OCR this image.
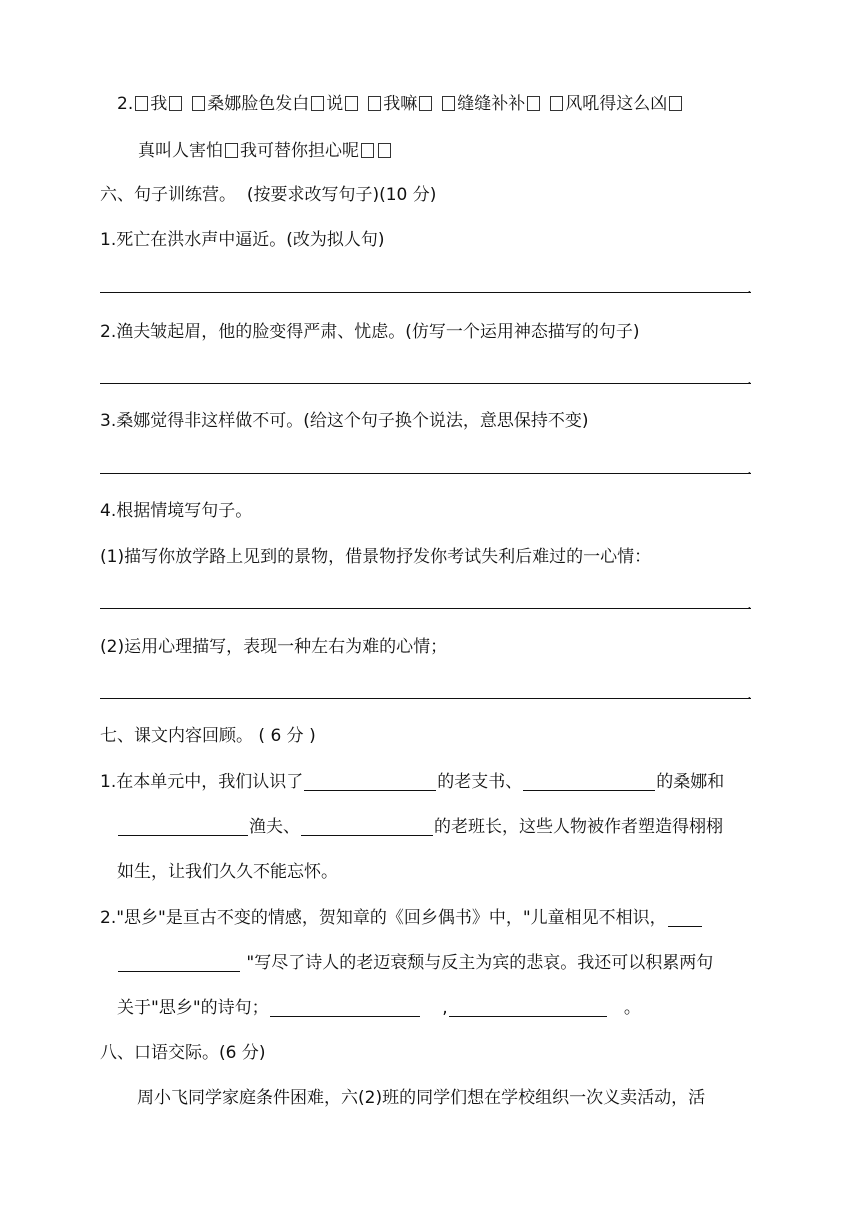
2. 我 桑娜脸色发白 说 我嘛 缝缝补补 风吼得这么凶
真叫人害怕 我可替你担心呢
六、句子训练营。 (按要求改写句子)(10 分)
1.死亡在洪水声中逼近。(改为拟人句)
.
2.渔夫皱起眉，他的脸变得严肃、忧虑。(仿写一个运用神态描写的句子)
.
3.桑娜觉得非这样做不可。(给这个句子换个说法，意思保持不变)
.
4.根据情境写句子。
(1)描写你放学路上见到的景物，借景物抒发你考试失利后难过的一心情：
.
(2)运用心理描写，表现一种左右为难的心情；
.
七、课文内容回顾。 ( 6 分 )
1.在本单元中，我们认识了	的老支书、	的桑娜和
渔夫、	的老班长，这些人物被作者塑造得栩栩
如生，让我们久久不能忘怀。
2."思乡"是亘古不变的情感，贺知章的《回乡偶书》中，"儿童相见不相识，
"写尽了诗人的老迈衰颓与反主为宾的悲哀。我还可以积累两句
关于"思乡"的诗句；	,	。
八、口语交际。(6 分)
周小飞同学家庭条件困难，六(2)班的同学们想在学校组织一次义卖活动，活
